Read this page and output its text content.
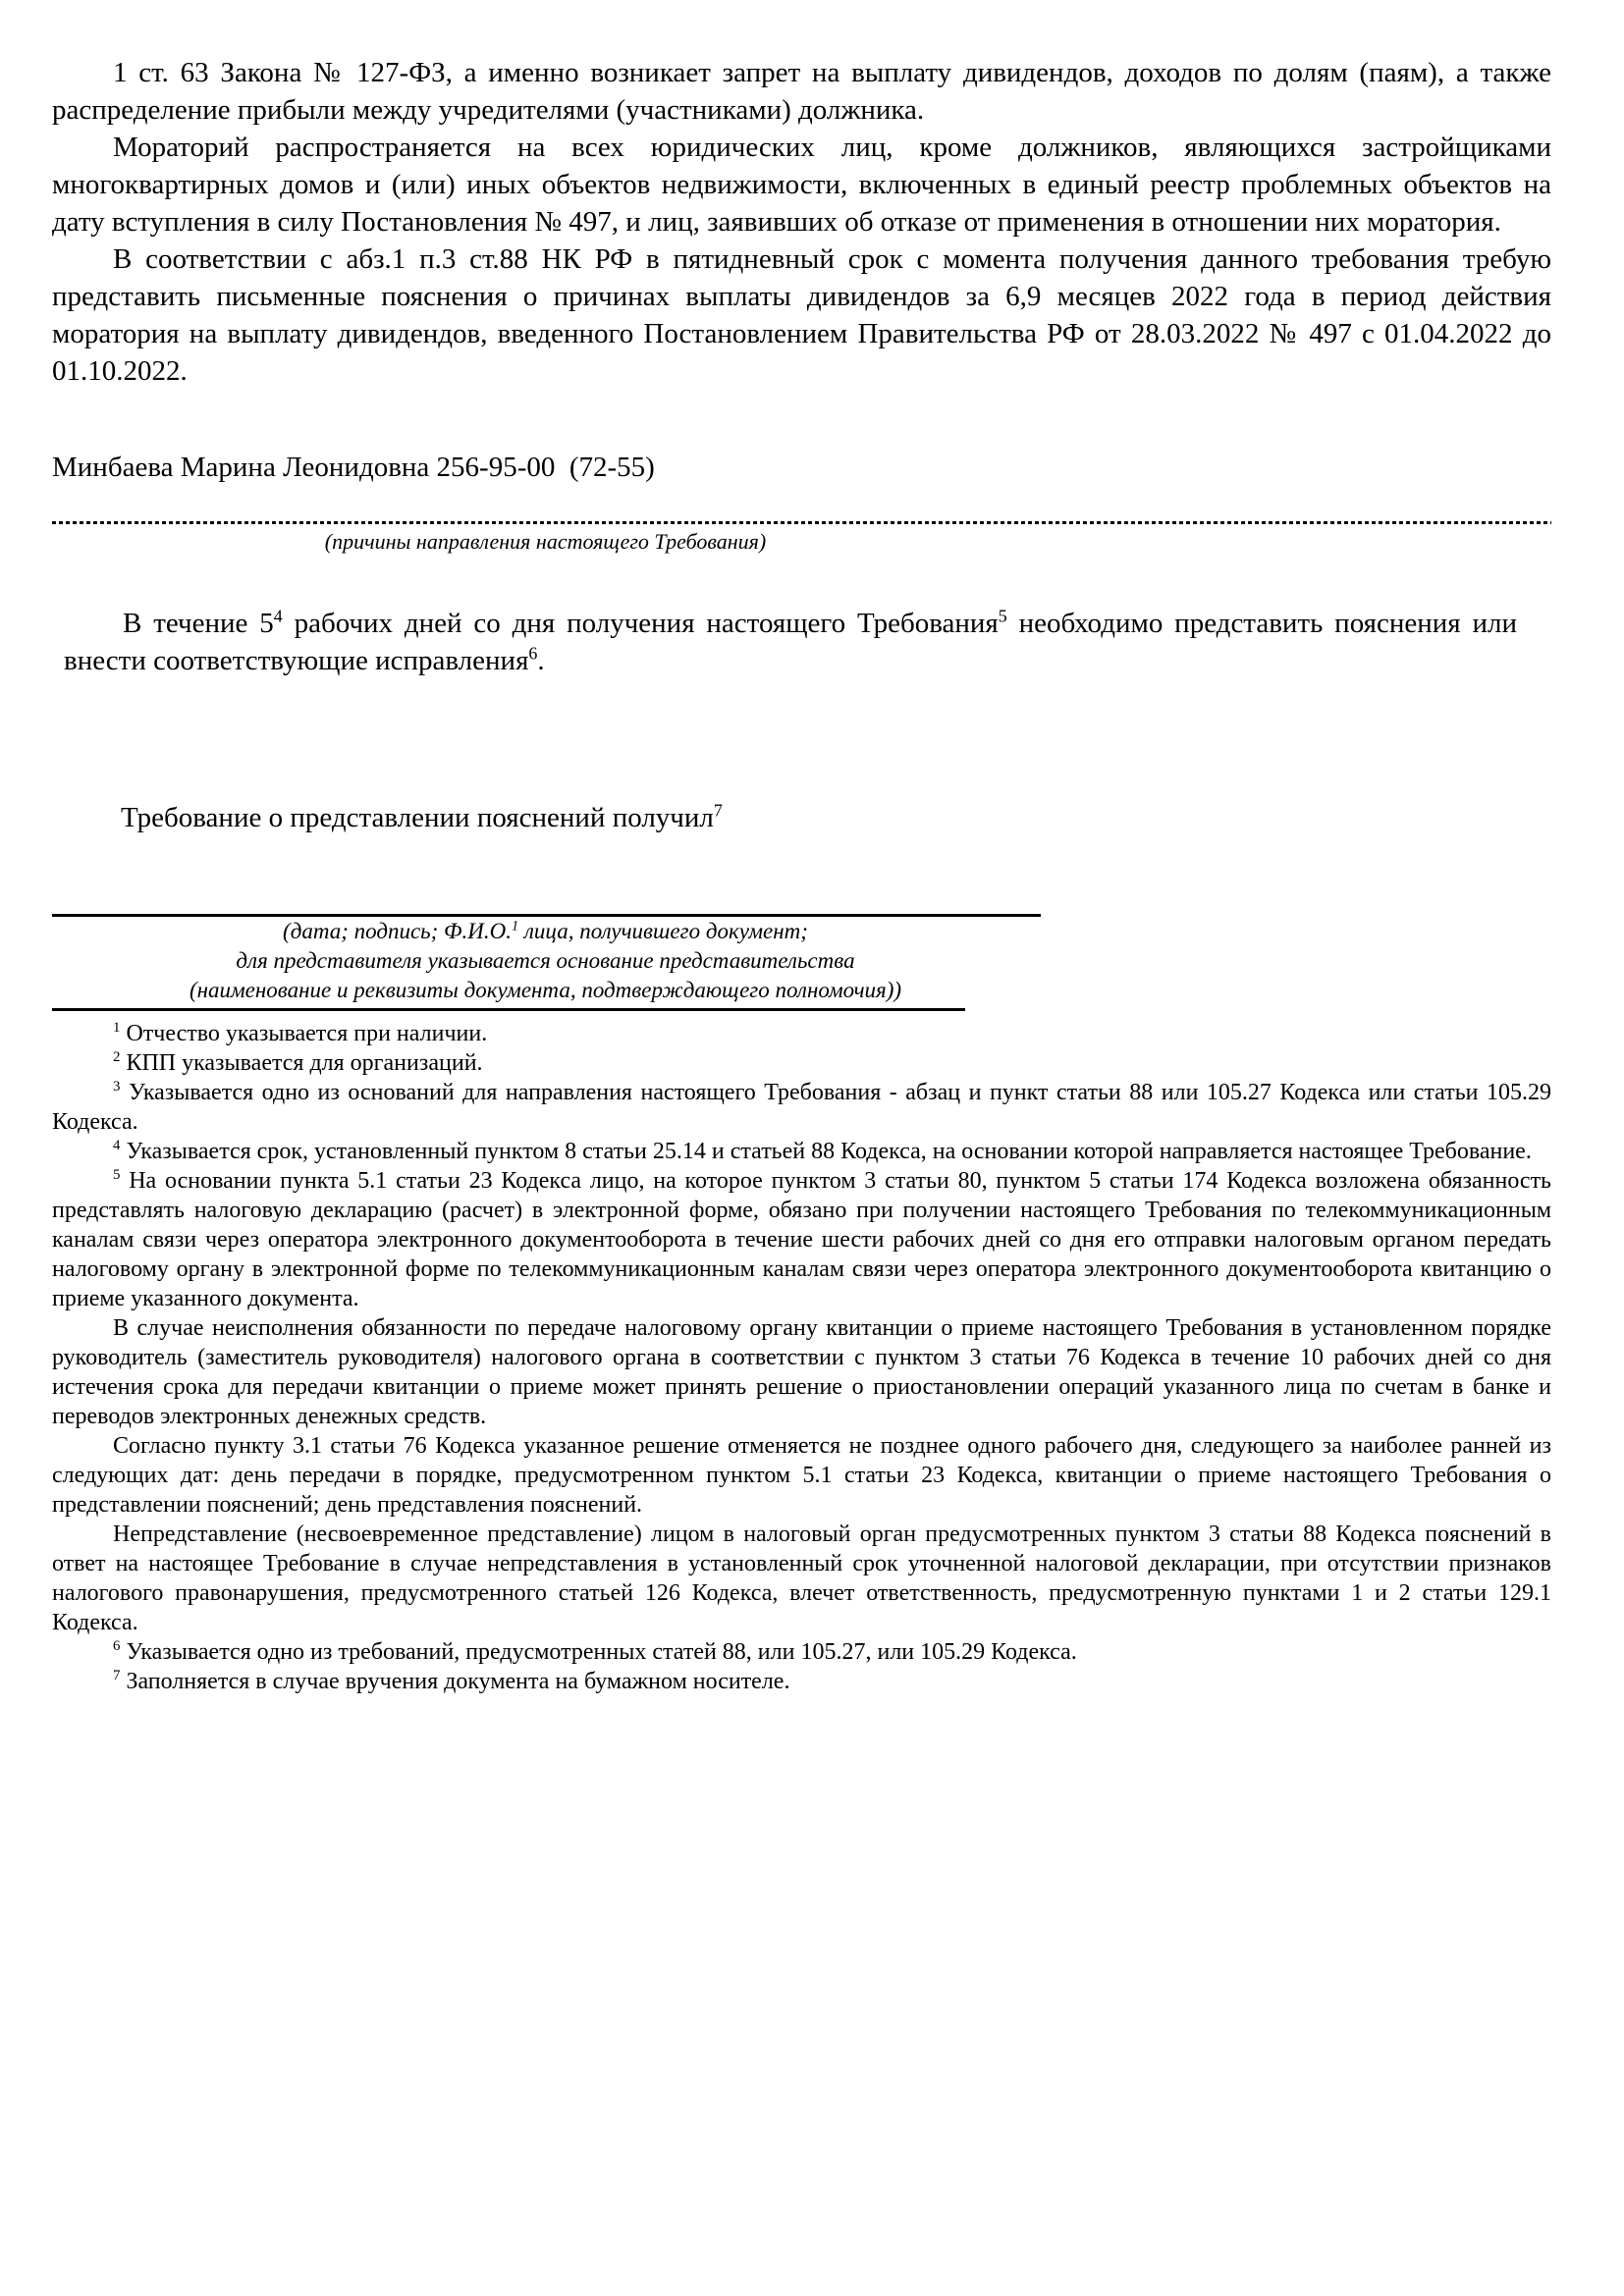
1 ст. 63 Закона № 127-ФЗ, а именно возникает запрет на выплату дивидендов, доходов по долям (паям), а также распределение прибыли между учредителями (участниками) должника.

Мораторий распространяется на всех юридических лиц, кроме должников, являющихся застройщиками многоквартирных домов и (или) иных объектов недвижимости, включенных в единый реестр проблемных объектов на дату вступления в силу Постановления № 497, и лиц, заявивших об отказе от применения в отношении них моратория.

В соответствии с абз.1 п.3 ст.88 НК РФ в пятидневный срок с момента получения данного требования требую представить письменные пояснения о причинах выплаты дивидендов за 6,9 месяцев 2022 года в период действия моратория на выплату дивидендов, введенного Постановлением Правительства РФ от 28.03.2022 № 497 с 01.04.2022 до 01.10.2022.

Минбаева Марина Леонидовна 256-95-00  (72-55)

(причины направления настоящего Требования)

В течение $5^4$ рабочих дней со дня получения настоящего Требования$^5$ необходимо представить пояснения или внести соответствующие исправления$^6$.

Требование о представлении пояснений получил$^7$

(дата; подпись; Ф.И.О.$^1$ лица, получившего документ;

для представителя указывается основание представительства

(наименование и реквизиты документа, подтверждающего полномочия))

$^1$ Отчество указывается при наличии.

$^2$ КПП указывается для организаций.

$^3$ Указывается одно из оснований для направления настоящего Требования - абзац и пункт статьи 88 или 105.27 Кодекса или статьи 105.29 Кодекса.

$^4$ Указывается срок, установленный пунктом 8 статьи 25.14 и статьей 88 Кодекса, на основании которой направляется настоящее Требование.

$^5$ На основании пункта 5.1 статьи 23 Кодекса лицо, на которое пунктом 3 статьи 80, пунктом 5 статьи 174 Кодекса возложена обязанность представлять налоговую декларацию (расчет) в электронной форме, обязано при получении настоящего Требования по телекоммуникационным каналам связи через оператора электронного документооборота в течение шести рабочих дней со дня его отправки налоговым органом передать налоговому органу в электронной форме по телекоммуникационным каналам связи через оператора электронного документооборота квитанцию о приеме указанного документа.

В случае неисполнения обязанности по передаче налоговому органу квитанции о приеме настоящего Требования в установленном порядке руководитель (заместитель руководителя) налогового органа в соответствии с пунктом 3 статьи 76 Кодекса в течение 10 рабочих дней со дня истечения срока для передачи квитанции о приеме может принять решение о приостановлении операций указанного лица по счетам в банке и переводов электронных денежных средств.

Согласно пункту 3.1 статьи 76 Кодекса указанное решение отменяется не позднее одного рабочего дня, следующего за наиболее ранней из следующих дат: день передачи в порядке, предусмотренном пунктом 5.1 статьи 23 Кодекса, квитанции о приеме настоящего Требования о представлении пояснений; день представления пояснений.

Непредставление (несвоевременное представление) лицом в налоговый орган предусмотренных пунктом 3 статьи 88 Кодекса пояснений в ответ на настоящее Требование в случае непредставления в установленный срок уточненной налоговой декларации, при отсутствии признаков налогового правонарушения, предусмотренного статьей 126 Кодекса, влечет ответственность, предусмотренную пунктами 1 и 2 статьи 129.1 Кодекса.

$^6$ Указывается одно из требований, предусмотренных статей 88, или 105.27, или 105.29 Кодекса.

$^7$ Заполняется в случае вручения документа на бумажном носителе.
